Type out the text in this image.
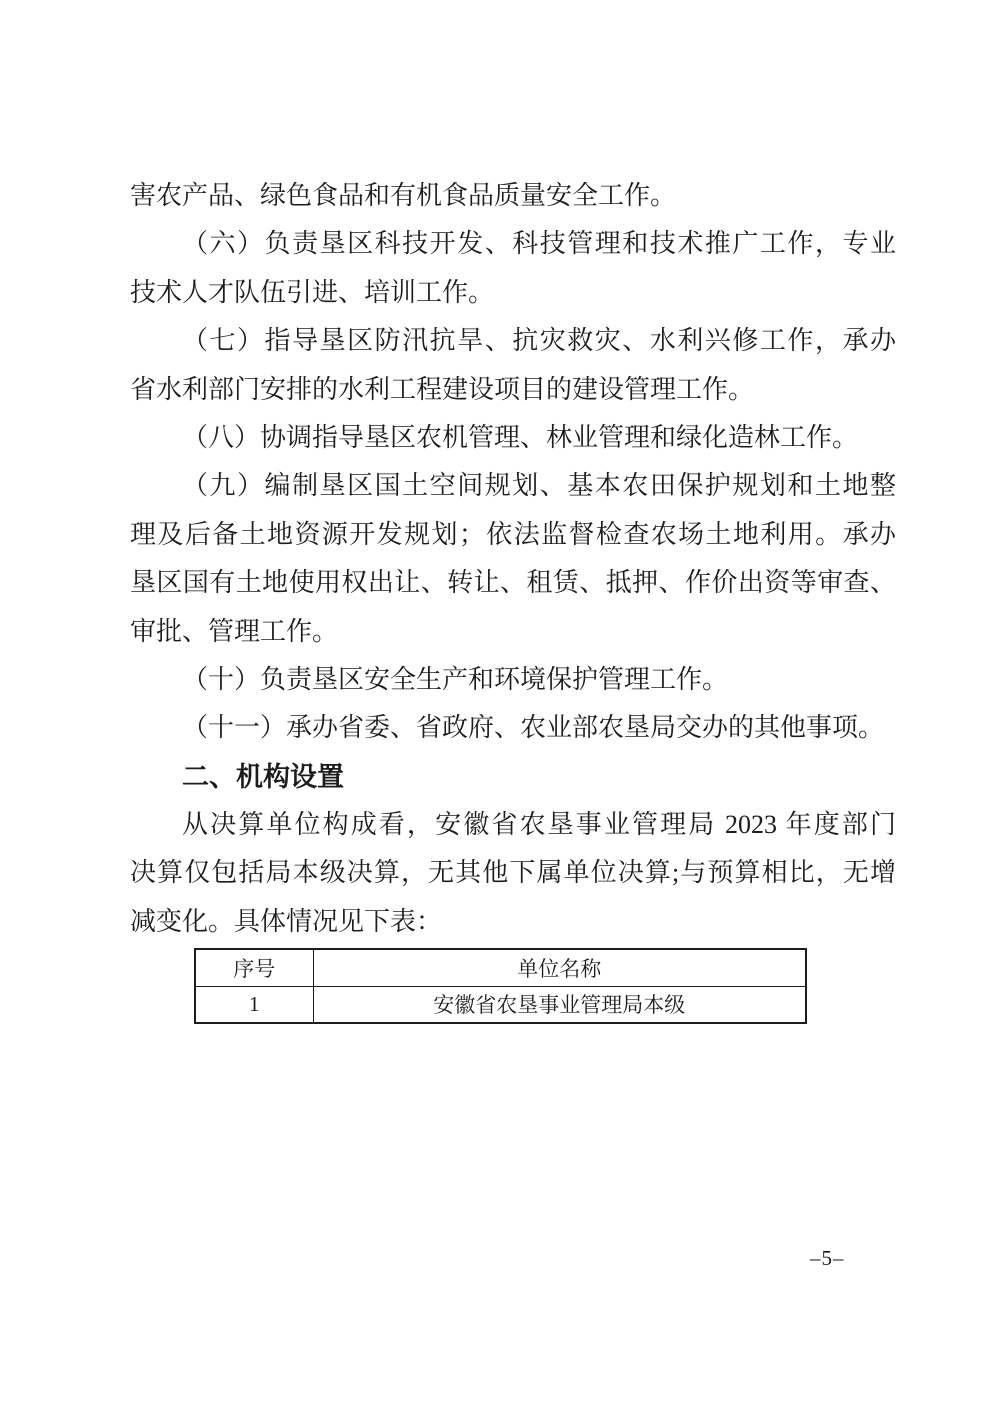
害农产品、绿色食品和有机食品质量安全工作。
（六）负责垦区科技开发、科技管理和技术推广工作，专业
技术人才队伍引进、培训工作。
（七）指导垦区防汛抗旱、抗灾救灾、水利兴修工作，承办
省水利部门安排的水利工程建设项目的建设管理工作。
（八）协调指导垦区农机管理、林业管理和绿化造林工作。
（九）编制垦区国土空间规划、基本农田保护规划和土地整
理及后备土地资源开发规划；依法监督检查农场土地利用。承办
垦区国有土地使用权出让、转让、租赁、抵押、作价出资等审查、
审批、管理工作。
（十）负责垦区安全生产和环境保护管理工作。
（十一）承办省委、省政府、农业部农垦局交办的其他事项。
二、机构设置
从决算单位构成看，安徽省农垦事业管理局 2023 年度部门
决算仅包括局本级决算，无其他下属单位决算;与预算相比，无增
减变化。具体情况见下表：
序号	单位名称
1	安徽省农垦事业管理局本级
–5–
